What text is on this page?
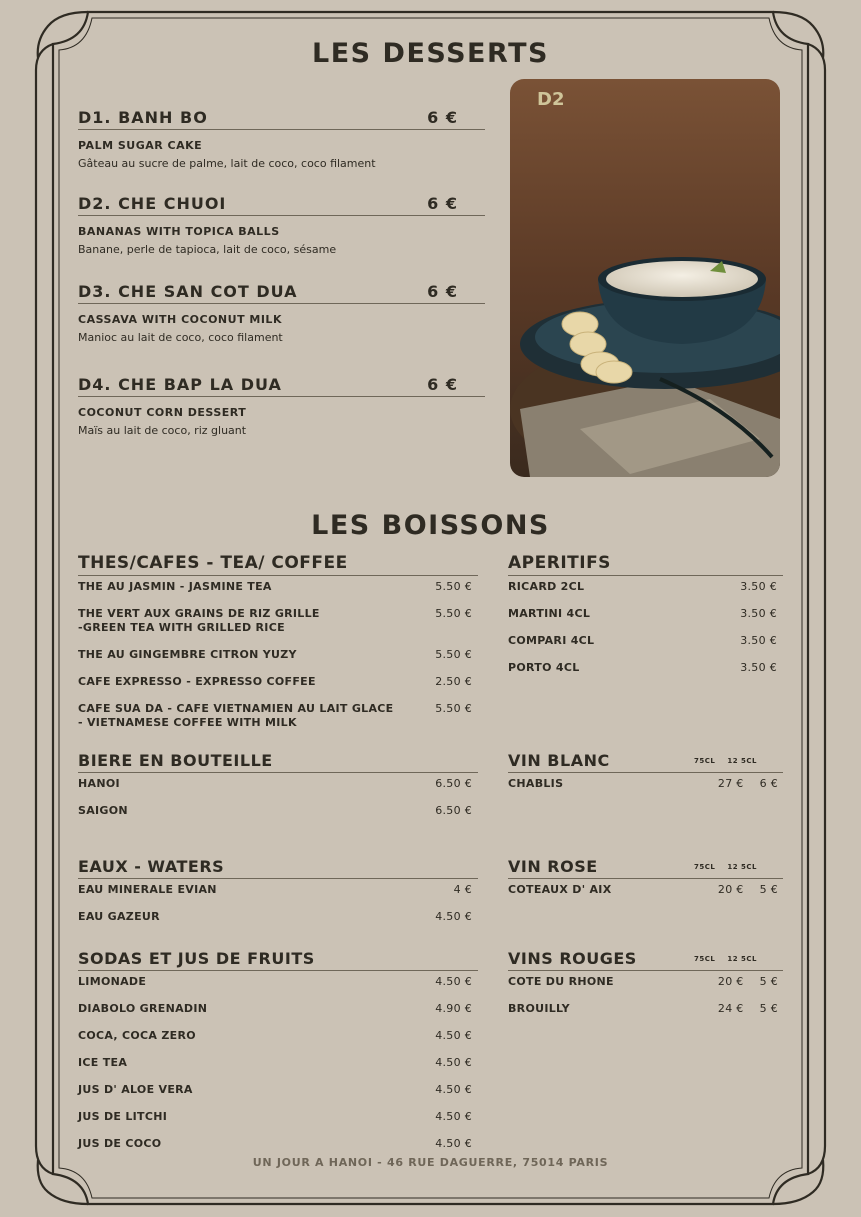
LES DESSERTS
D1. BANH BO	6 €
PALM SUGAR CAKE
Gâteau au sucre de palme, lait de coco, coco filament
D2. CHE CHUOI	6 €
BANANAS WITH TOPICA BALLS
Banane, perle de tapioca, lait de coco, sésame
D3. CHE SAN COT DUA	6 €
CASSAVA WITH COCONUT MILK
Manioc au lait de coco, coco filament
D4. CHE BAP LA DUA	6 €
COCONUT CORN DESSERT
Maïs au lait de coco, riz gluant
D2
LES BOISSONS
THES/CAFES - TEA/ COFFEE
THE AU JASMIN - JASMINE TEA	5.50 €
THE VERT AUX GRAINS DE RIZ GRILLE
-GREEN TEA WITH GRILLED RICE
5.50 €
THE AU GINGEMBRE CITRON YUZY	5.50 €
CAFE EXPRESSO - EXPRESSO COFFEE	2.50 €
CAFE SUA DA - CAFE VIETNAMIEN AU LAIT GLACE
- VIETNAMESE COFFEE WITH MILK
5.50 €
APERITIFS
RICARD 2CL	3.50 €
MARTINI 4CL	3.50 €
COMPARI 4CL	3.50 €
PORTO 4CL	3.50 €
BIERE EN BOUTEILLE
HANOI	6.50 €
SAIGON	6.50 €
VIN BLANC	75CL 12 5CL
CHABLIS	27 € 6 €
EAUX - WATERS
EAU MINERALE EVIAN	4 €
EAU GAZEUR	4.50 €
VIN ROSE	75CL 12 5CL
COTEAUX D' AIX	20 € 5 €
SODAS ET JUS DE FRUITS
LIMONADE	4.50 €
DIABOLO GRENADIN	4.90 €
COCA, COCA ZERO	4.50 €
ICE TEA	4.50 €
JUS D' ALOE VERA	4.50 €
JUS DE LITCHI	4.50 €
JUS DE COCO	4.50 €
VINS ROUGES	75CL 12 5CL
COTE DU RHONE	20 € 5 €
BROUILLY	24 € 5 €
UN JOUR A HANOI - 46 RUE DAGUERRE, 75014 PARIS
